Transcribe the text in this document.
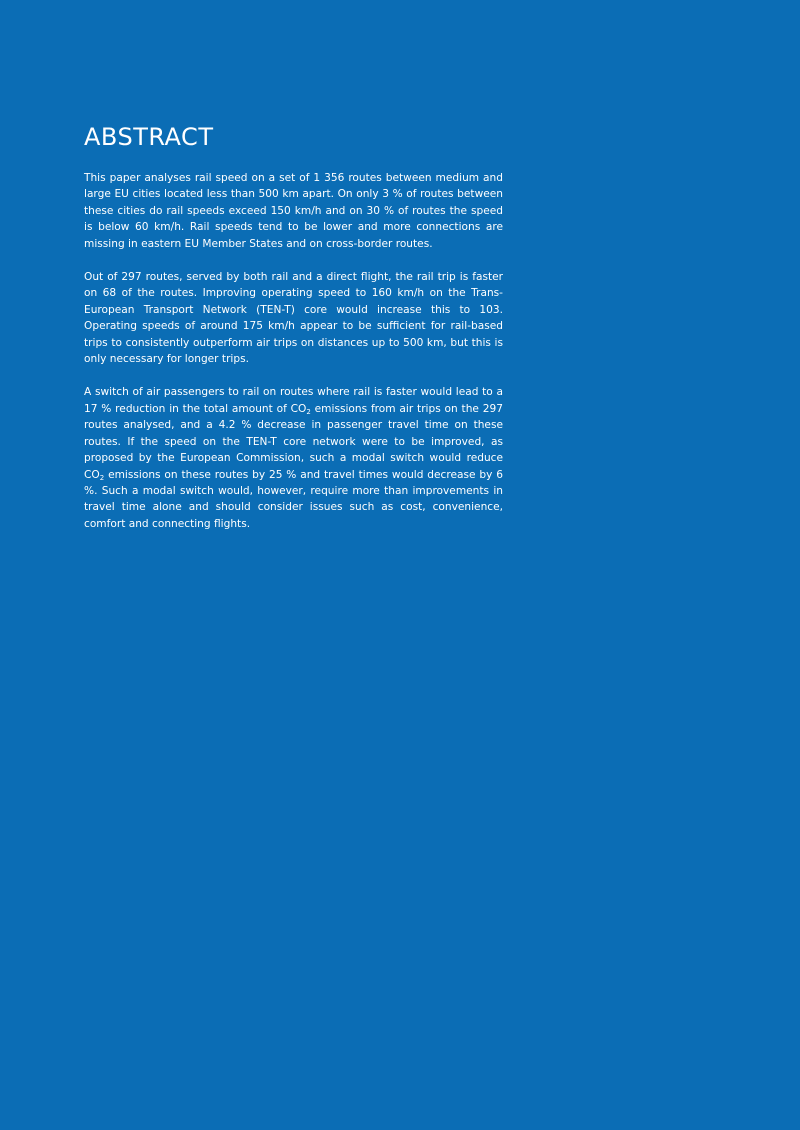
ABSTRACT

This paper analyses rail speed on a set of 1 356 routes between medium and large EU cities located less than 500 km apart. On only 3 % of routes between these cities do rail speeds exceed 150 km/h and on 30 % of routes the speed is below 60 km/h. Rail speeds tend to be lower and more connections are missing in eastern EU Member States and on cross-border routes.

Out of 297 routes, served by both rail and a direct flight, the rail trip is faster on 68 of the routes. Improving operating speed to 160 km/h on the Trans-European Transport Network (TEN-T) core would increase this to 103. Operating speeds of around 175 km/h appear to be sufficient for rail-based trips to consistently outperform air trips on distances up to 500 km, but this is only necessary for longer trips.

A switch of air passengers to rail on routes where rail is faster would lead to a 17 % reduction in the total amount of $CO_2$ emissions from air trips on the 297 routes analysed, and a 4.2 % decrease in passenger travel time on these routes. If the speed on the TEN-T core network were to be improved, as proposed by the European Commission, such a modal switch would reduce $CO_2$ emissions on these routes by 25 % and travel times would decrease by 6 %. Such a modal switch would, however, require more than improvements in travel time alone and should consider issues such as cost, convenience, comfort and connecting flights.
